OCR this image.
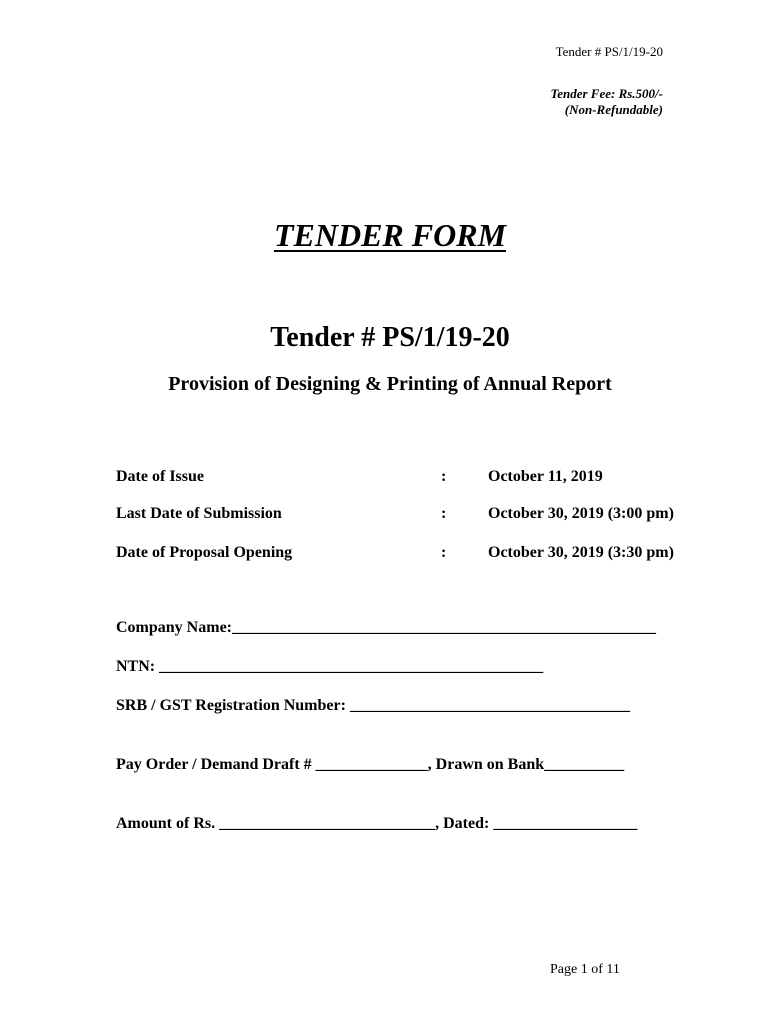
Tender # PS/1/19-20
Tender Fee: Rs.500/-
(Non-Refundable)
TENDER FORM
Tender # PS/1/19-20
Provision of Designing & Printing of Annual Report
Date of Issue	:	October 11, 2019
Last Date of Submission	:	October 30, 2019 (3:00 pm)
Date of Proposal Opening	:	October 30, 2019 (3:30 pm)
Company Name:_____________________________________________________
NTN: ________________________________________________
SRB / GST Registration Number: ___________________________________
Pay Order / Demand Draft # ______________, Drawn on Bank__________
Amount of Rs. ___________________________, Dated: __________________
Page 1 of 11
